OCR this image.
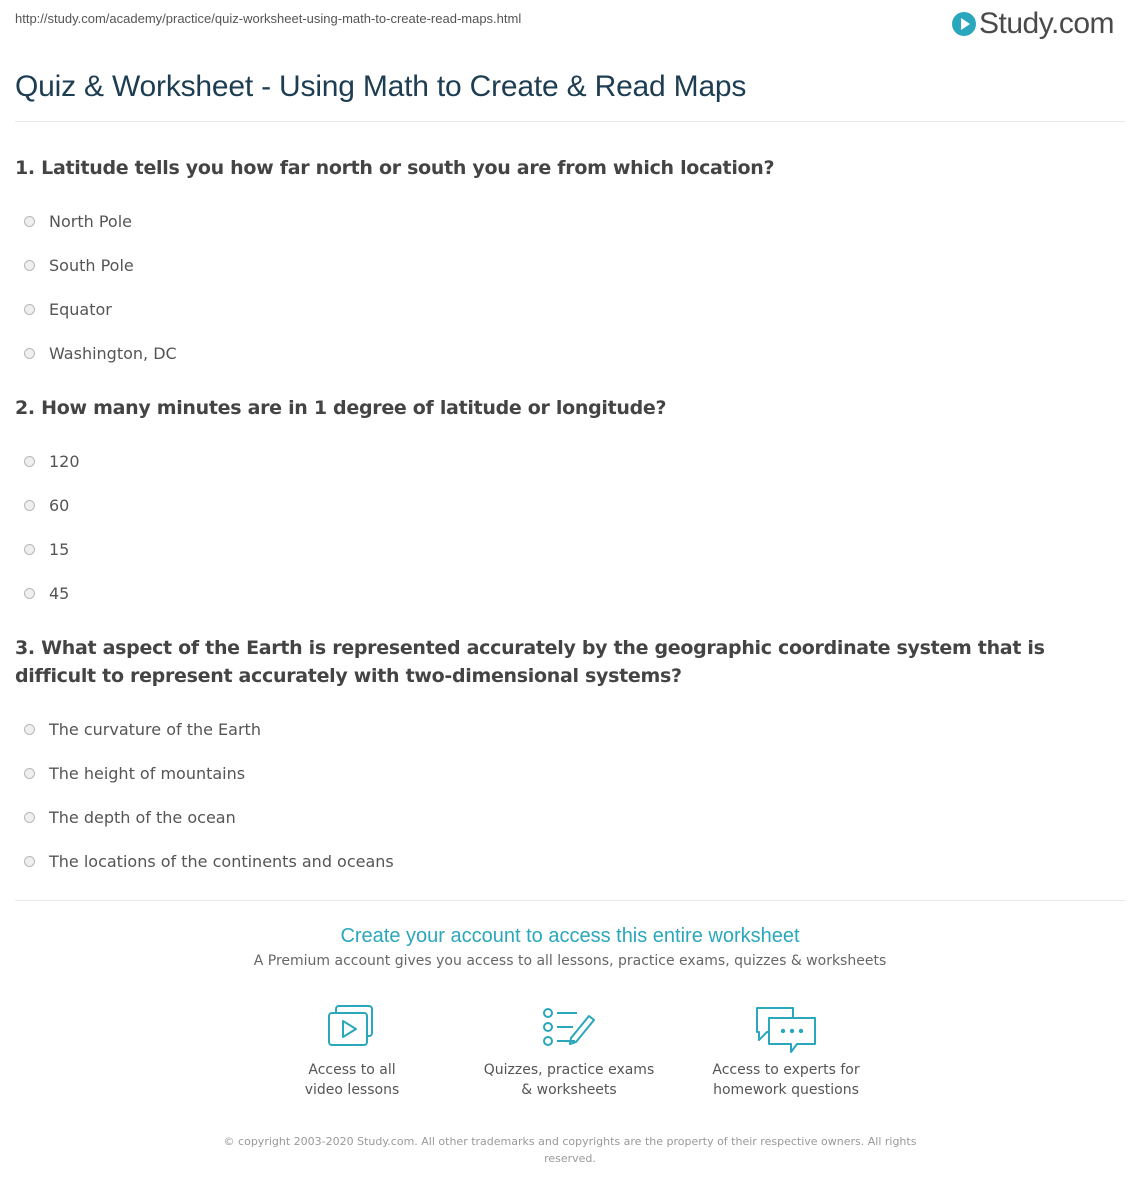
http://study.com/academy/practice/quiz-worksheet-using-math-to-create-read-maps.html	Study.com
Quiz & Worksheet - Using Math to Create & Read Maps
1. Latitude tells you how far north or south you are from which location?
North Pole
South Pole
Equator
Washington, DC
2. How many minutes are in 1 degree of latitude or longitude?
120
60
15
45
3. What aspect of the Earth is represented accurately by the geographic coordinate system that is difficult to represent accurately with two-dimensional systems?
The curvature of the Earth
The height of mountains
The depth of the ocean
The locations of the continents and oceans
Create your account to access this entire worksheet
A Premium account gives you access to all lessons, practice exams, quizzes & worksheets
Access to all
video lessons
Quizzes, practice exams
& worksheets
Access to experts for
homework questions
© copyright 2003-2020 Study.com. All other trademarks and copyrights are the property of their respective owners. All rights reserved.
